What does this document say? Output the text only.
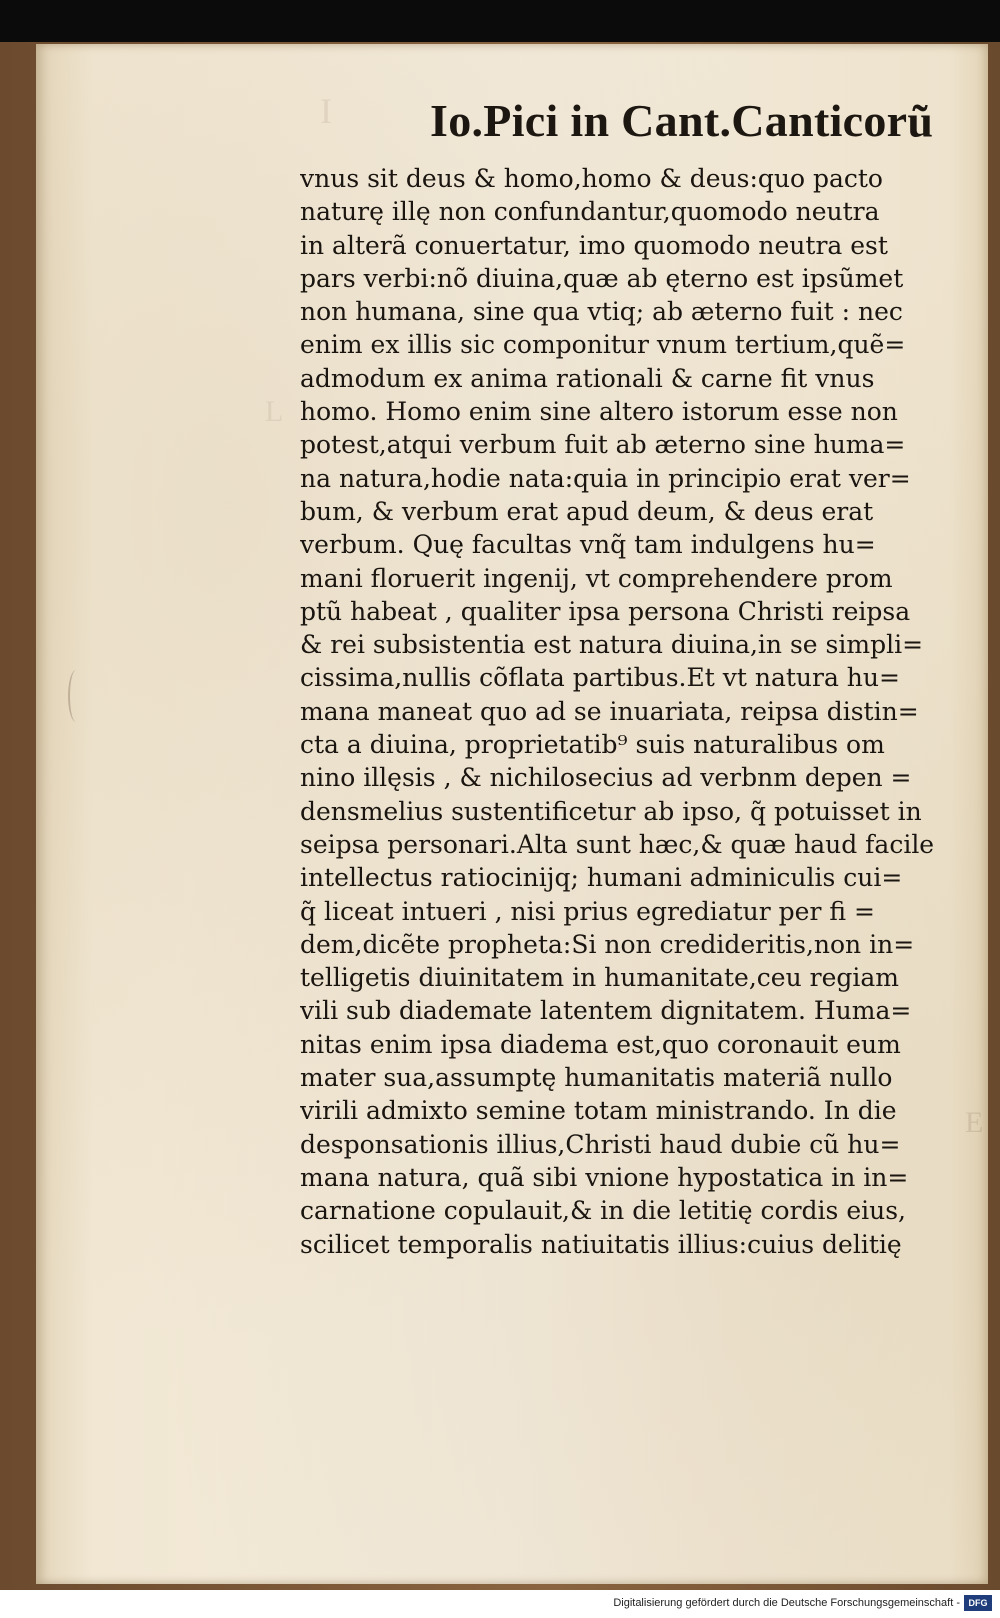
I
L
E
Io.Pici in Cant.Canticorũ
vnus sit deus & homo,homo & deus:quo pacto
naturę illę non confundantur,quomodo neutra
in alterã conuertatur, imo quomodo neutra est
pars verbi:nõ diuina,quæ ab ęterno est ipsũmet
non humana, sine qua vtiq; ab æterno fuit : nec
enim ex illis sic componitur vnum tertium,quẽ=
admodum ex anima rationali & carne fit vnus
homo. Homo enim sine altero istorum esse non
potest,atqui verbum fuit ab æterno sine huma=
na natura,hodie nata:quia in principio erat ver=
bum, & verbum erat apud deum, & deus erat
verbum. Quę facultas vnq̃ tam indulgens hu=
mani floruerit ingenij, vt comprehendere prom
ptũ habeat , qualiter ipsa persona Christi reipsa
& rei subsistentia est natura diuina,in se simpli=
cissima,nullis cõflata partibus.Et vt natura hu=
mana maneat quo ad se inuariata, reipsa distin=
cta a diuina, proprietatib⁹ suis naturalibus om
nino illęsis , & nichilosecius ad verbnm depen =
densmelius sustentificetur ab ipso, q̃ potuisset in
seipsa personari.Alta sunt hæc,& quæ haud facile
intellectus ratiocinijq; humani adminiculis cui=
q̃ liceat intueri , nisi prius egrediatur per fi =
dem,dicẽte propheta:Si non credideritis,non in=
telligetis diuinitatem in humanitate,ceu regiam
vili sub diademate latentem dignitatem. Huma=
nitas enim ipsa diadema est,quo coronauit eum
mater sua,assumptę humanitatis materiã nullo
virili admixto semine totam ministrando. In die
desponsationis illius,Christi haud dubie cũ hu=
mana natura, quã sibi vnione hypostatica in in=
carnatione copulauit,& in die letitię cordis eius,
scilicet temporalis natiuitatis illius:cuius delitię
Digitalisierung gefördert durch die Deutsche Forschungsgemeinschaft - DFG
